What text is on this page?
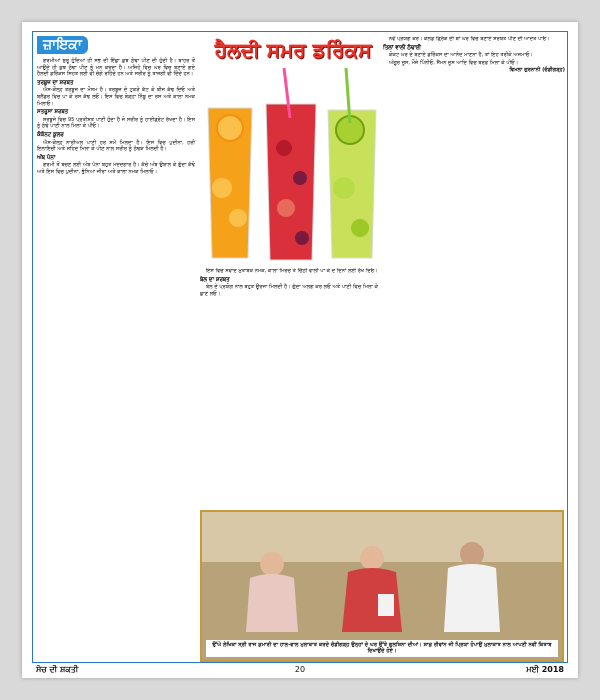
ਜ਼ਾਇਕਾ

ਗਰਮੀਆਂ ਸ਼ੁਰੂ ਹੁੰਦਿਆਂ ਹੀ ਸਭ ਦੀ ਇੱਛਾ ਕੁਝ ਠੰਢਾ ਪੀਣ ਦੀ ਹੁੰਦੀ ਹੈ। ਬਾਹਰ ਤੋਂ ਆਉਂਦੇ ਹੀ ਕੁਝ ਠੰਢਾ ਪੀਣ ਨੂੰ ਮਨ ਕਰਦਾ ਹੈ। ਅਜਿਹੇ ਵਿਚ ਘਰ ਵਿਚ ਬਣਾਏ ਗਏ ਹੈਲਦੀ ਡਰਿੰਕਸ ਸਿਹਤ ਲਈ ਵੀ ਚੰਗੇ ਰਹਿੰਦੇ ਹਨ ਅਤੇ ਸਰੀਰ ਨੂੰ ਤਾਜ਼ਗੀ ਵੀ ਦਿੰਦੇ ਹਨ।

ਤਰਬੂਜ਼ ਦਾ ਸ਼ਰਬਤ

ਐਸ-ਕੌਲ੍ਹ ਤਰਬੂਜ਼ ਦਾ ਮੌਸਮ ਹੈ। ਤਰਬੂਜ਼ ਦੇ ਟੁਕੜੇ ਕੱਟ ਕੇ ਬੀਜ ਕੱਢ ਦਿਓ ਅਤੇ ਬਲੈਂਡਰ ਵਿਚ ਪਾ ਕੇ ਰਸ ਕੱਢ ਲਓ। ਇਸ ਵਿਚ ਥੋੜ੍ਹਾ ਨਿੰਬੂ ਦਾ ਰਸ ਅਤੇ ਕਾਲਾ ਨਮਕ ਮਿਲਾਓ।

ਸਤਰੂਸਾ ਸ਼ਰਬਤ

ਸ਼ਰਬੂਜੇ ਵਿਚ 95 ਪ੍ਰਤੀਸ਼ਤ ਪਾਣੀ ਹੁੰਦਾ ਹੈ ਜੋ ਸਰੀਰ ਨੂੰ ਹਾਈਡ੍ਰੇਟ ਰੱਖਦਾ ਹੈ। ਇਸ ਨੂੰ ਠੰਢੇ ਪਾਣੀ ਨਾਲ ਮਿਲਾ ਕੇ ਪੀਓ।

ਕੋਕੋਨਟ ਕੂਲਰ

ਐਸ-ਕੌਲ੍ਹ ਨਾਰੀਅਲ ਪਾਣੀ ਹਰ ਸਮੇਂ ਮਿਲਦਾ ਹੈ। ਇਸ ਵਿਚ ਪੁਦੀਨਾ, ਹਰੀ ਇਲਾਇਚੀ ਅਤੇ ਸ਼ਹਿਦ ਮਿਲਾ ਕੇ ਪੀਣ ਨਾਲ ਸਰੀਰ ਨੂੰ ਠੰਢਕ ਮਿਲਦੀ ਹੈ।

ਅੰਬ ਪੰਨਾ

ਗਰਮੀ ਤੋਂ ਬਚਣ ਲਈ ਅੰਬ ਪੰਨਾ ਬਹੁਤ ਮਦਦਗਾਰ ਹੈ। ਕੱਚੇ ਅੰਬ ਉਬਾਲ ਕੇ ਗੁੱਦਾ ਕੱਢੋ ਅਤੇ ਇਸ ਵਿਚ ਪੁਦੀਨਾ, ਭੁੰਨਿਆ ਜੀਰਾ ਅਤੇ ਕਾਲਾ ਨਮਕ ਮਿਲਾਓ।

ਹੈਲਦੀ ਸਮਰ ਡਰਿੰਕਸ

ਇਸ ਵਿਚ ਸਵਾਦ ਮੁਤਾਬਕ ਨਮਕ, ਕਾਲਾ ਮਿਰਚ ਤੇ ਚਿੱਠੀ ਵਾਲੀ ਪਾ ਕੇ ਦੋ ਦਿਨਾਂ ਲਈ ਰੱਖ ਦਿਓ।

ਬੇਲ ਦਾ ਸ਼ਰਬਤ

ਬੇਲ ਦੇ ਪ੍ਰਯੋਗ ਨਾਲ ਬਹੁਤ ਊਰਜਾ ਮਿਲਦੀ ਹੈ। ਗੁੱਦਾ ਅਲਗ ਕਰ ਲਓ ਅਤੇ ਪਾਣੀ ਵਿਚ ਮਿਲਾ ਕੇ ਛਾਣ ਲਓ।

ਨਵੇਂ ਪ੍ਰਯੋਗ ਕਰੋ। ਕੋਲਡ ਡ੍ਰਿੰਕ ਦੀ ਥਾਂ ਘਰ ਵਿਚ ਬਣਾਏ ਸ਼ਰਬਤ ਪੀਣ ਦੀ ਆਦਤ ਪਾਓ।

ਤਿਲਾਂ ਵਾਲੀ ਠੰਢਾਈ

ਕੋਕਟ ਘਰ ਦੇ ਬਣਾਏ ਡਰਿੰਕਸ ਦਾ ਆਨੰਦ ਮਾਣਨਾ ਹੈ, ਤਾਂ ਇਹ ਤਰੀਕੇ ਅਜ਼ਮਾਓ।

ਅੰਗੂਰ ਜੂਸ, ਮੌਜ਼ੇ ਪਿੰਨੀਓ, ਸੈਂਮਨ ਜੂਸ ਆਦਿ ਵਿਚ ਬਰਫ਼ ਮਿਲਾ ਕੇ ਪੀਓ।

ਵਿਮਲਾ ਗੁਰਨਾਨੀ (ਚੰਡੀਗੜ੍ਹ)

ਉੱਘੇ ਲੇਖਿਕਾ ਸ੍ਰੀ ਰਾਜ ਕੁਮਾਰੀ ਦਾ ਹਾਲ-ਵਾਲ ਮੁਲਾਕਾਤ ਕਰਦੇ ਚੰਡੀਗੜ੍ਹ ਉਨ੍ਹਾਂ ਦੇ ਘਰ ਉੱਤੇ ਗੁਲਸ਼ਿਨਾ ਦੀਆਂ। ਸ਼ਾਕੁ ਰੀਵਾਂਨ ਜੀ ਪ੍ਰਿਯਾ ਹੋਪਾਉਂ ਮੁਲਾਕਾਤ ਨਾਲ ਆਪਣੀ ਨਵੀਂ ਕਿਤਾਬ ਦਿਖਾਉਂਦੇ ਹੋਏ।
ਸੋਚ ਦੀ ਸ਼ਕਤੀ	20	ਮਈ 2018
